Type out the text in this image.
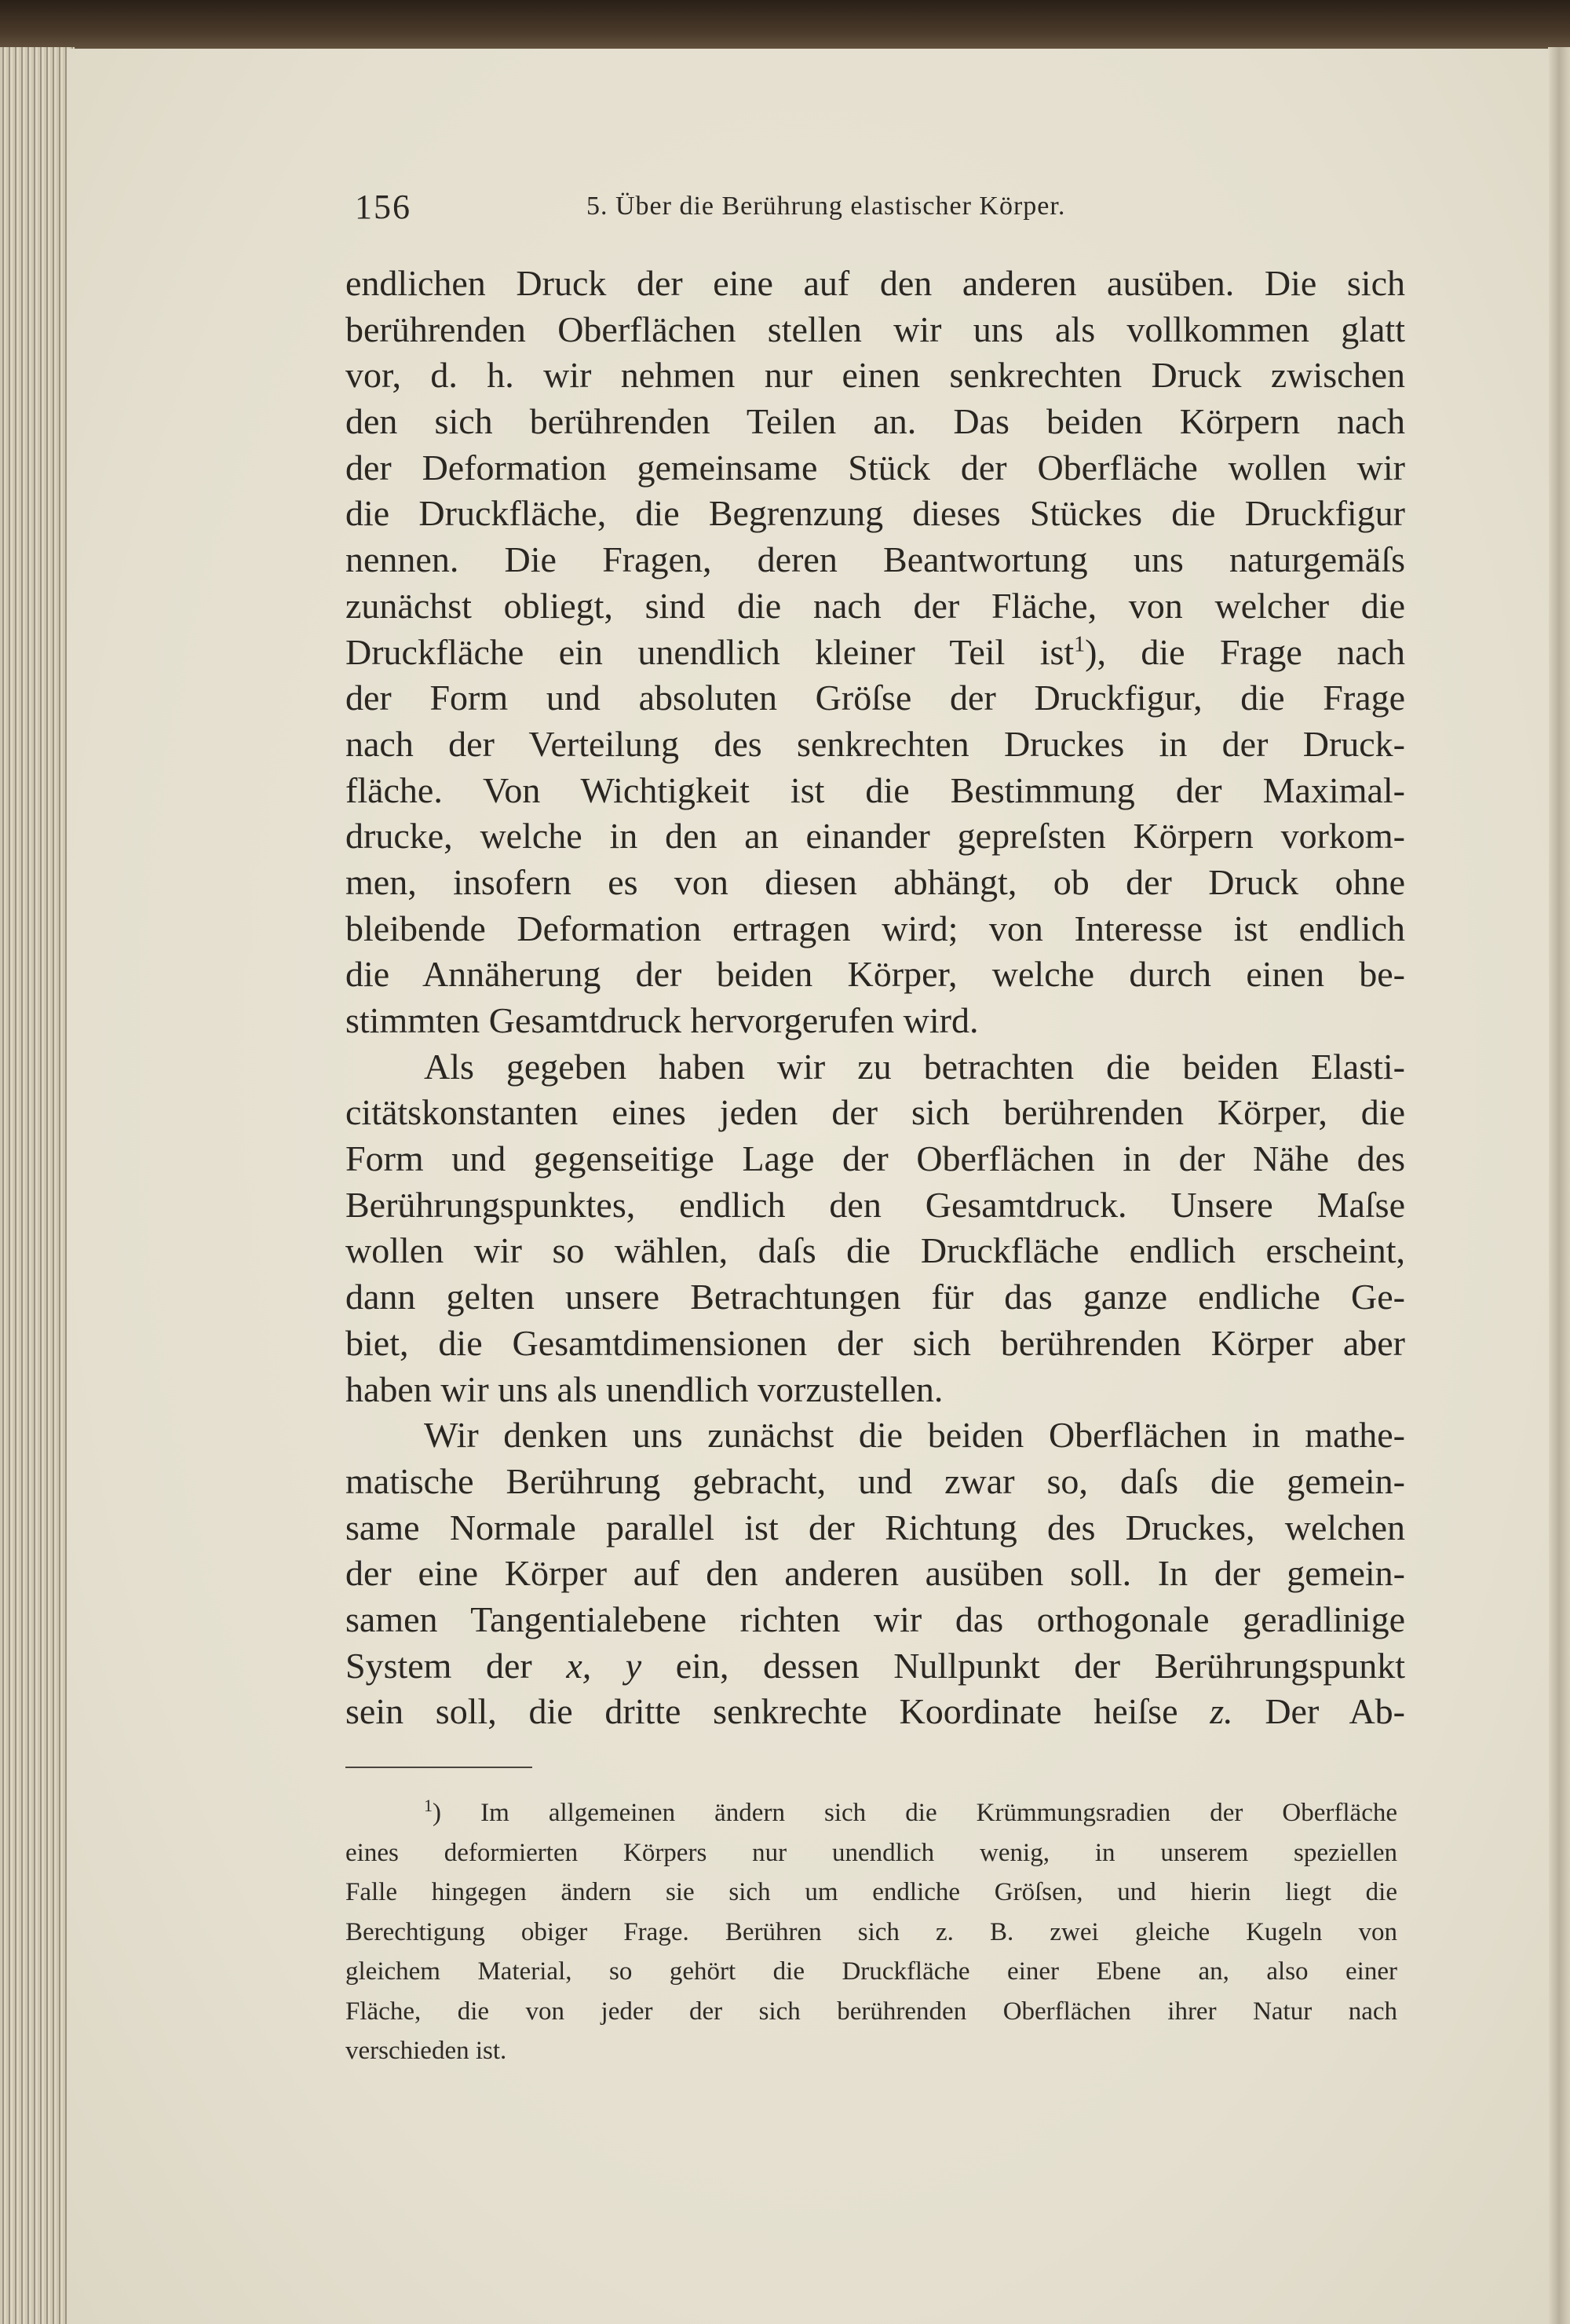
156	5. Über die Berührung elastischer Körper.
endlichen Druck der eine auf den anderen ausüben. Die sich
berührenden Oberflächen stellen wir uns als vollkommen glatt
vor, d. h. wir nehmen nur einen senkrechten Druck zwischen
den sich berührenden Teilen an. Das beiden Körpern nach
der Deformation gemeinsame Stück der Oberfläche wollen wir
die Druckfläche, die Begrenzung dieses Stückes die Druckfigur
nennen. Die Fragen, deren Beantwortung uns naturgemäſs
zunächst obliegt, sind die nach der Fläche, von welcher die
Druckfläche ein unendlich kleiner Teil ist$^1$), die Frage nach
der Form und absoluten Gröſse der Druckfigur, die Frage
nach der Verteilung des senkrechten Druckes in der Druck-
fläche. Von Wichtigkeit ist die Bestimmung der Maximal-
drucke, welche in den an einander gepreſsten Körpern vorkom-
men, insofern es von diesen abhängt, ob der Druck ohne
bleibende Deformation ertragen wird; von Interesse ist endlich
die Annäherung der beiden Körper, welche durch einen be-
stimmten Gesamtdruck hervorgerufen wird.
Als gegeben haben wir zu betrachten die beiden Elasti-
citätskonstanten eines jeden der sich berührenden Körper, die
Form und gegenseitige Lage der Oberflächen in der Nähe des
Berührungspunktes, endlich den Gesamtdruck. Unsere Maſse
wollen wir so wählen, daſs die Druckfläche endlich erscheint,
dann gelten unsere Betrachtungen für das ganze endliche Ge-
biet, die Gesamtdimensionen der sich berührenden Körper aber
haben wir uns als unendlich vorzustellen.
Wir denken uns zunächst die beiden Oberflächen in mathe-
matische Berührung gebracht, und zwar so, daſs die gemein-
same Normale parallel ist der Richtung des Druckes, welchen
der eine Körper auf den anderen ausüben soll. In der gemein-
samen Tangentialebene richten wir das orthogonale geradlinige
System der x, y ein, dessen Nullpunkt der Berührungspunkt
sein soll, die dritte senkrechte Koordinate heiſse z. Der Ab-
$^1$) Im allgemeinen ändern sich die Krümmungsradien der Oberfläche
eines deformierten Körpers nur unendlich wenig, in unserem speziellen
Falle hingegen ändern sie sich um endliche Gröſsen, und hierin liegt die
Berechtigung obiger Frage. Berühren sich z. B. zwei gleiche Kugeln von
gleichem Material, so gehört die Druckfläche einer Ebene an, also einer
Fläche, die von jeder der sich berührenden Oberflächen ihrer Natur nach
verschieden ist.
